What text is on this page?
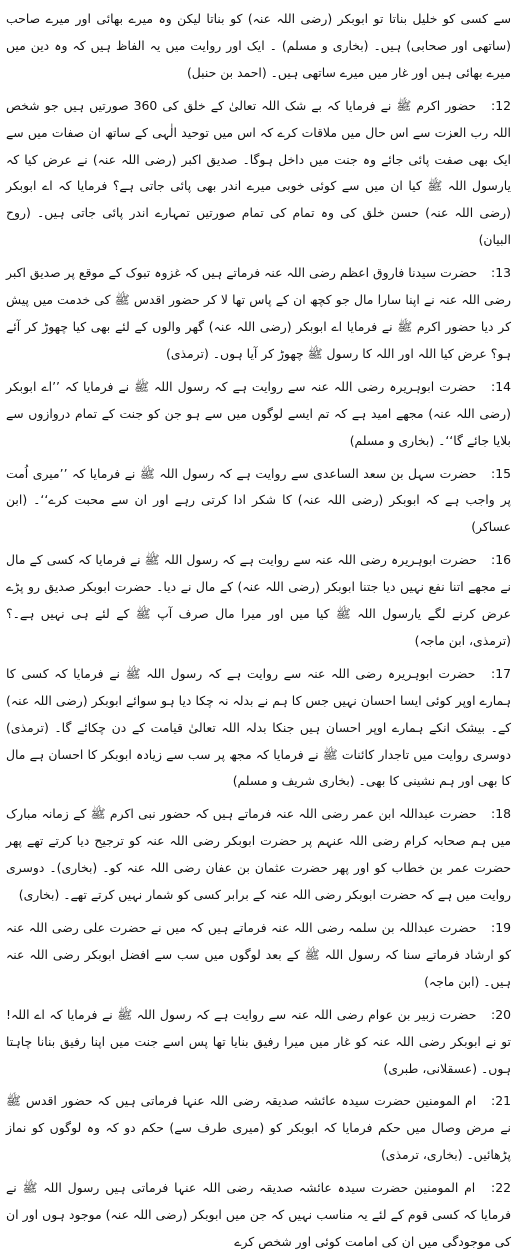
سے کسی کو خلیل بناتا تو ابوبکر (رضی اللہ عنہ) کو بناتا لیکن وہ میرے بھائی اور میرے صاحب (ساتھی اور صحابی) ہیں۔ (بخاری و مسلم) ۔ ایک اور روایت میں یہ الفاظ ہیں کہ وہ دین میں میرے بھائی ہیں اور غار میں میرے ساتھی ہیں۔ (احمد بن حنبل)

12: حضور اکرم ﷺ نے فرمایا کہ بے شک اللہ تعالیٰ کے خلق کی 360 صورتیں ہیں جو شخص اللہ رب العزت سے اس حال میں ملاقات کرے کہ اس میں توحید الٰہی کے ساتھ ان صفات میں سے ایک بھی صفت پائی جائے وہ جنت میں داخل ہوگا۔ صدیق اکبر (رضی اللہ عنہ) نے عرض کیا کہ یارسول اللہ ﷺ کیا ان میں سے کوئی خوبی میرے اندر بھی پائی جاتی ہے؟ فرمایا کہ اے ابوبکر (رضی اللہ عنہ) حسن خلق کی وہ تمام کی تمام صورتیں تمہارے اندر پائی جاتی ہیں۔ (روح البیان)

13: حضرت سیدنا فاروق اعظم رضی اللہ عنہ فرماتے ہیں کہ غزوہ تبوک کے موقع پر صدیق اکبر رضی اللہ عنہ نے اپنا سارا مال جو کچھ ان کے پاس تھا لا کر حضور اقدس ﷺ کی خدمت میں پیش کر دیا حضور اکرم ﷺ نے فرمایا اے ابوبکر (رضی اللہ عنہ) گھر والوں کے لئے بھی کیا چھوڑ کر آئے ہو؟ عرض کیا اللہ اور اللہ کا رسول ﷺ چھوڑ کر آیا ہوں۔ (ترمذی)

14: حضرت ابوہریرہ رضی اللہ عنہ سے روایت ہے کہ رسول اللہ ﷺ نے فرمایا کہ ’’اے ابوبکر (رضی اللہ عنہ) مجھے امید ہے کہ تم ایسے لوگوں میں سے ہو جن کو جنت کے تمام دروازوں سے بلایا جائے گا‘‘۔ (بخاری و مسلم)

15: حضرت سہل بن سعد الساعدی سے روایت ہے کہ رسول اللہ ﷺ نے فرمایا کہ ’’میری اُمت پر واجب ہے کہ ابوبکر (رضی اللہ عنہ) کا شکر ادا کرتی رہے اور ان سے محبت کرے‘‘۔ (ابن عساکر)

16: حضرت ابوہریرہ رضی اللہ عنہ سے روایت ہے کہ رسول اللہ ﷺ نے فرمایا کہ کسی کے مال نے مجھے اتنا نفع نہیں دیا جتنا ابوبکر (رضی اللہ عنہ) کے مال نے دیا۔ حضرت ابوبکر صدیق رو پڑے عرض کرنے لگے یارسول اللہ ﷺ کیا میں اور میرا مال صرف آپ ﷺ کے لئے ہی نہیں ہے۔؟ (ترمذی، ابن ماجہ)

17: حضرت ابوہریرہ رضی اللہ عنہ سے روایت ہے کہ رسول اللہ ﷺ نے فرمایا کہ کسی کا ہمارے اوپر کوئی ایسا احسان نہیں جس کا ہم نے بدلہ نہ چکا دیا ہو سوائے ابوبکر (رضی اللہ عنہ) کے۔ بیشک انکے ہمارے اوپر احسان ہیں جنکا بدلہ اللہ تعالیٰ قیامت کے دن چکائے گا۔ (ترمذی) دوسری روایت میں تاجدار کائنات ﷺ نے فرمایا کہ مجھ پر سب سے زیادہ ابوبکر کا احسان ہے مال کا بھی اور ہم نشینی کا بھی۔ (بخاری شریف و مسلم)

18: حضرت عبداللہ ابن عمر رضی اللہ عنہ فرماتے ہیں کہ حضور نبی اکرم ﷺ کے زمانہ مبارک میں ہم صحابہ کرام رضی اللہ عنہم پر حضرت ابوبکر رضی اللہ عنہ کو ترجیح دیا کرتے تھے پھر حضرت عمر بن خطاب کو اور پھر حضرت عثمان بن عفان رضی اللہ عنہ کو۔ (بخاری)۔ دوسری روایت میں ہے کہ حضرت ابوبکر رضی اللہ عنہ کے برابر کسی کو شمار نہیں کرتے تھے۔ (بخاری)

19: حضرت عبداللہ بن سلمہ رضی اللہ عنہ فرماتے ہیں کہ میں نے حضرت علی رضی اللہ عنہ کو ارشاد فرماتے سنا کہ رسول اللہ ﷺ کے بعد لوگوں میں سب سے افضل ابوبکر رضی اللہ عنہ ہیں۔ (ابن ماجہ)

20: حضرت زبیر بن عوام رضی اللہ عنہ سے روایت ہے کہ رسول اللہ ﷺ نے فرمایا کہ اے اللہ! تو نے ابوبکر رضی اللہ عنہ کو غار میں میرا رفیق بنایا تھا پس اسے جنت میں اپنا رفیق بنانا چاہتا ہوں۔ (عسقلانی، طبری)

21: ام المومنین حضرت سیدہ عائشہ صدیقہ رضی اللہ عنہا فرماتی ہیں کہ حضور اقدس ﷺ نے مرض وصال میں حکم فرمایا کہ ابوبکر کو (میری طرف سے) حکم دو کہ وہ لوگوں کو نماز پڑھائیں۔ (بخاری، ترمذی)

22: ام المومنین حضرت سیدہ عائشہ صدیقہ رضی اللہ عنہا فرماتی ہیں رسول اللہ ﷺ نے فرمایا کہ کسی قوم کے لئے یہ مناسب نہیں کہ جن میں ابوبکر (رضی اللہ عنہ) موجود ہوں اور ان کی موجودگی میں ان کی امامت کوئی اور شخص کرے
